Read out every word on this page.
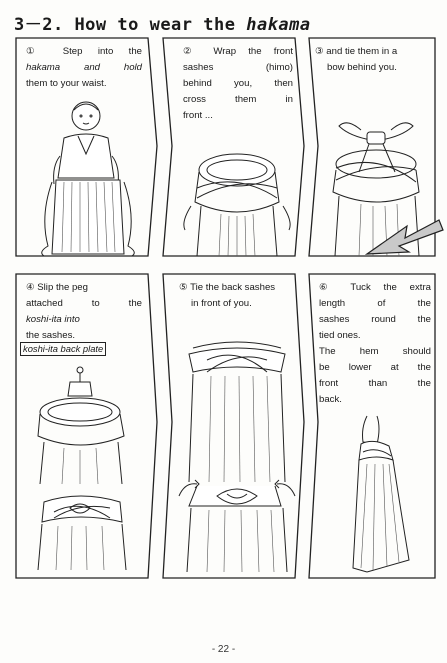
3－2. How to wear the hakama
① Step into the
hakama and hold
them to your waist.
② Wrap the front
sashes (himo)
behind you, then
cross them in
front ...
③ and tie them in a
bow behind you.
④ Slip the peg
attached to the
koshi-ita into
the sashes.
koshi-ita back plate
⑤ Tie the back sashes
in front of you.
⑥ Tuck the extra
length of the
sashes round the
tied ones.
The hem should
be lower at the
front than the
back.
- 22 -
